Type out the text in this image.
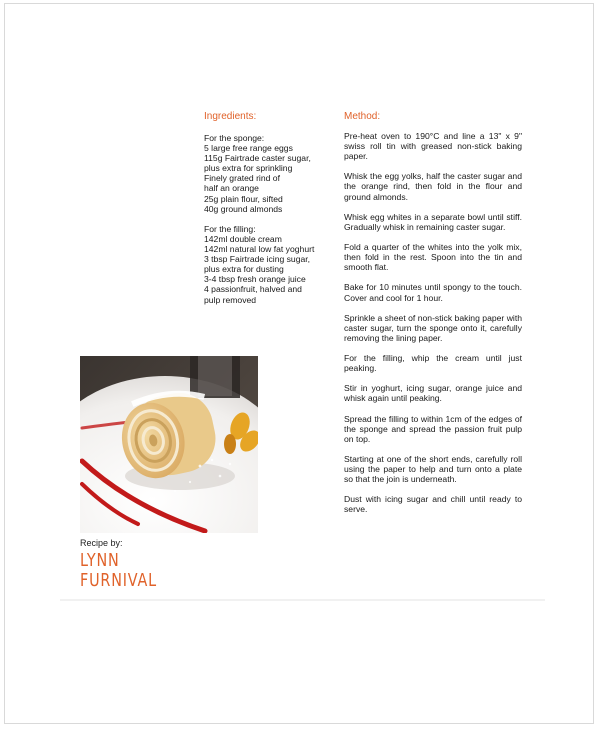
Ingredients:

For the sponge:
5 large free range eggs
115g Fairtrade caster sugar,
plus extra for sprinkling
Finely grated rind of
half an orange
25g plain flour, sifted
40g ground almonds

For the filling:
142ml double cream
142ml natural low fat yoghurt
3 tbsp Fairtrade icing sugar,
plus extra for dusting
3-4 tbsp fresh orange juice
4 passionfruit, halved and
pulp removed

Method:

Pre-heat oven to 190°C and line a 13" x 9" swiss roll tin with greased non-stick baking paper.

Whisk the egg yolks, half the caster sugar and the orange rind, then fold in the flour and ground almonds.

Whisk egg whites in a separate bowl until stiff. Gradually whisk in remaining caster sugar.

Fold a quarter of the whites into the yolk mix, then fold in the rest. Spoon into the tin and smooth flat.

Bake for 10 minutes until spongy to the touch. Cover and cool for 1 hour.

Sprinkle a sheet of non-stick baking paper with caster sugar, turn the sponge onto it, carefully removing the lining paper.

For the filling, whip the cream until just peaking.

Stir in yoghurt, icing sugar, orange juice and whisk again until peaking.

Spread the filling to within 1cm of the edges of the sponge and spread the passion fruit pulp on top.

Starting at one of the short ends, carefully roll using the paper to help and turn onto a plate so that the join is underneath.

Dust with icing sugar and chill until ready to serve.

Recipe by:
LYNN
FURNIVAL
